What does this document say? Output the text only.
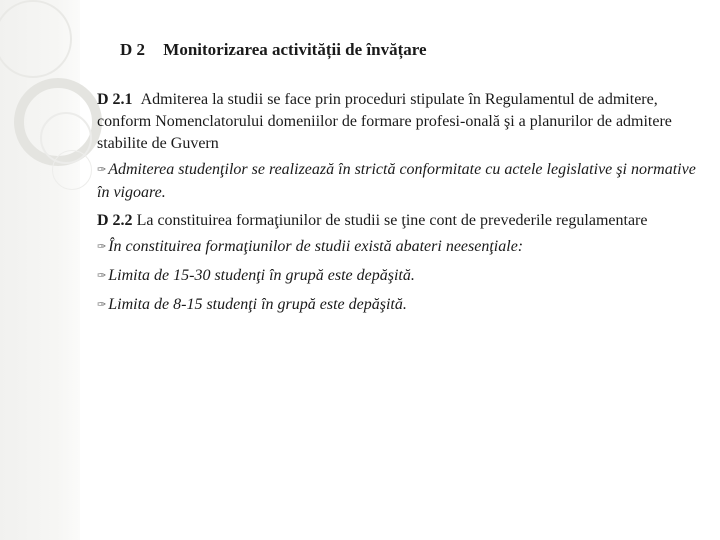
D 2 Monitorizarea activității de învățare

D 2.1 Admiterea la studii se face prin proceduri stipulate în Regulamentul de admitere, conform Nomenclatorului domeniilor de formare profesi-onală şi a planurilor de admitere stabilite de Guvern

✑ Admiterea studenţilor se realizează în strictă conformitate cu actele legislative şi normative în vigoare.

D 2.2 La constituirea formaţiunilor de studii se ţine cont de prevederile regulamentare

✑ În constituirea formaţiunilor de studii există abateri neesenţiale:

✑ Limita de 15-30 studenţi în grupă este depăşită.

✑ Limita de 8-15 studenţi în grupă este depăşită.
